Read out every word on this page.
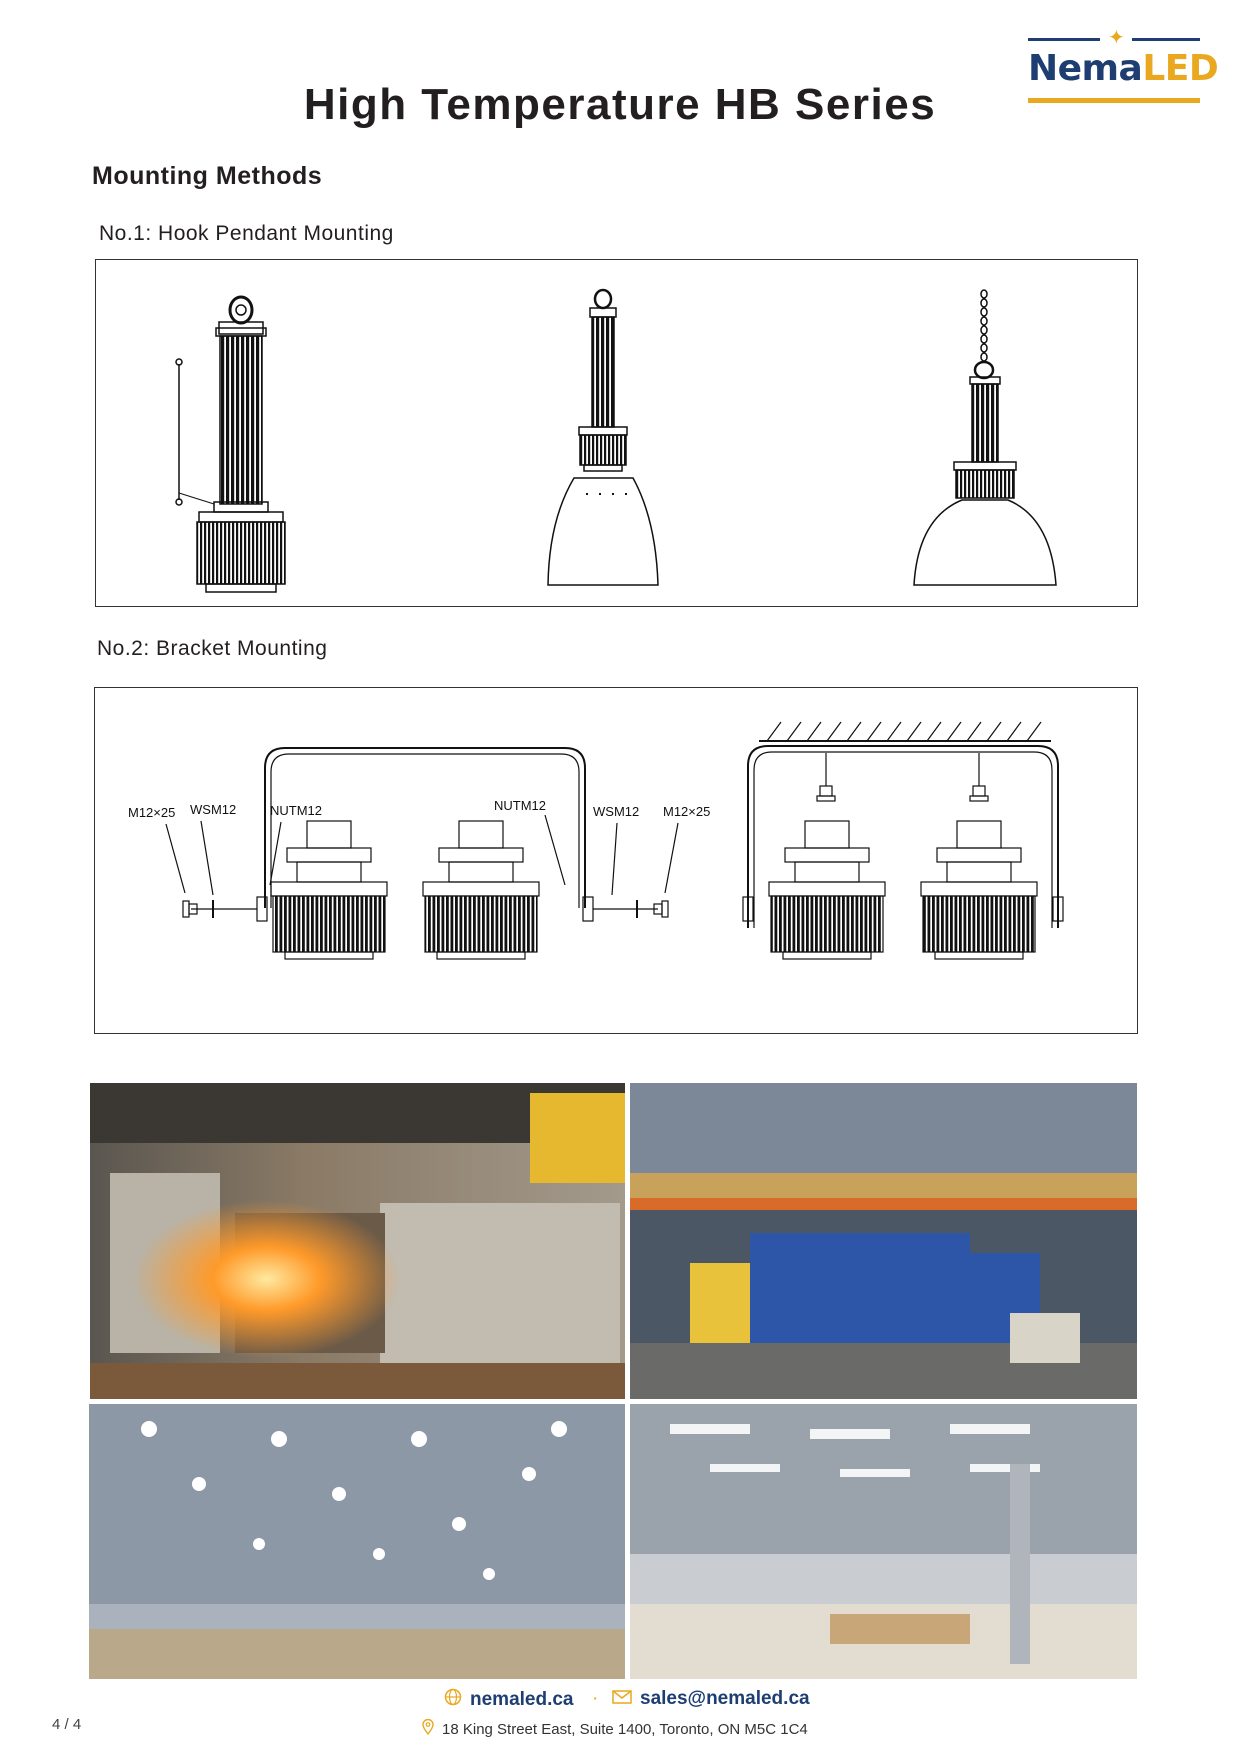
✦
NemaLED
High Temperature HB Series
Mounting Methods
No.1: Hook Pendant Mounting
No.2: Bracket Mounting
M12×25 WSM12	NUTM12	NUTM12	WSM12 M12×25
nemaled.ca · sales@nemaled.ca
18 King Street East, Suite 1400, Toronto, ON M5C 1C4
4 / 4
